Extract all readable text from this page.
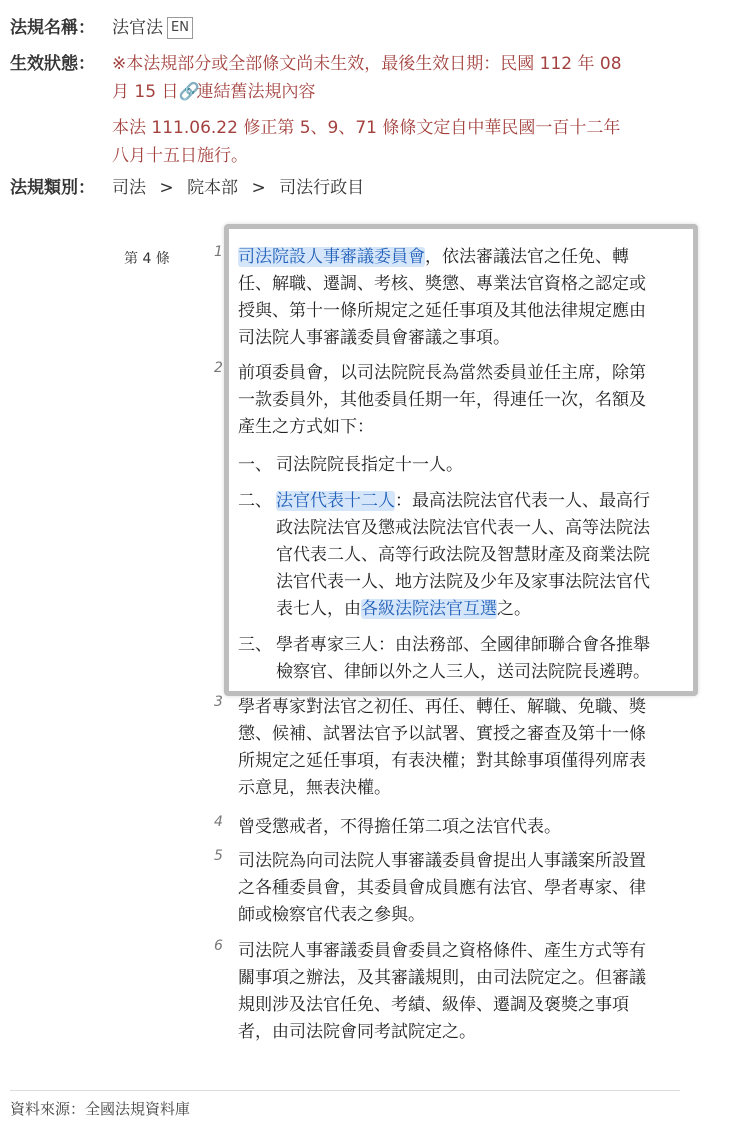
法規名稱： 法官法 EN
生效狀態： ※本法規部分或全部條文尚未生效，最後生效日期：民國 112 年 08
月 15 日🔗連結舊法規內容
本法 111.06.22 修正第 5、9、71 條條文定自中華民國一百十二年
八月十五日施行。
法規類別： 司法 > 院本部 > 司法行政目
第 4 條	1 司法院設人事審議委員會，依法審議法官之任免、轉
任、解職、遷調、考核、獎懲、專業法官資格之認定或
授與、第十一條所規定之延任事項及其他法律規定應由
司法院人事審議委員會審議之事項。
2 前項委員會，以司法院院長為當然委員並任主席，除第
一款委員外，其他委員任期一年，得連任一次，名額及
產生之方式如下：
一、 司法院院長指定十一人。
二、 法官代表十二人：最高法院法官代表一人、最高行
政法院法官及懲戒法院法官代表一人、高等法院法
官代表二人、高等行政法院及智慧財產及商業法院
法官代表一人、地方法院及少年及家事法院法官代
表七人，由各級法院法官互選之。
三、 學者專家三人：由法務部、全國律師聯合會各推舉
檢察官、律師以外之人三人，送司法院院長遴聘。
3 學者專家對法官之初任、再任、轉任、解職、免職、獎
懲、候補、試署法官予以試署、實授之審查及第十一條
所規定之延任事項，有表決權；對其餘事項僅得列席表
示意見，無表決權。
4 曾受懲戒者，不得擔任第二項之法官代表。
5 司法院為向司法院人事審議委員會提出人事議案所設置
之各種委員會，其委員會成員應有法官、學者專家、律
師或檢察官代表之參與。
6 司法院人事審議委員會委員之資格條件、產生方式等有
關事項之辦法，及其審議規則，由司法院定之。但審議
規則涉及法官任免、考績、級俸、遷調及褒獎之事項
者，由司法院會同考試院定之。
資料來源：全國法規資料庫
